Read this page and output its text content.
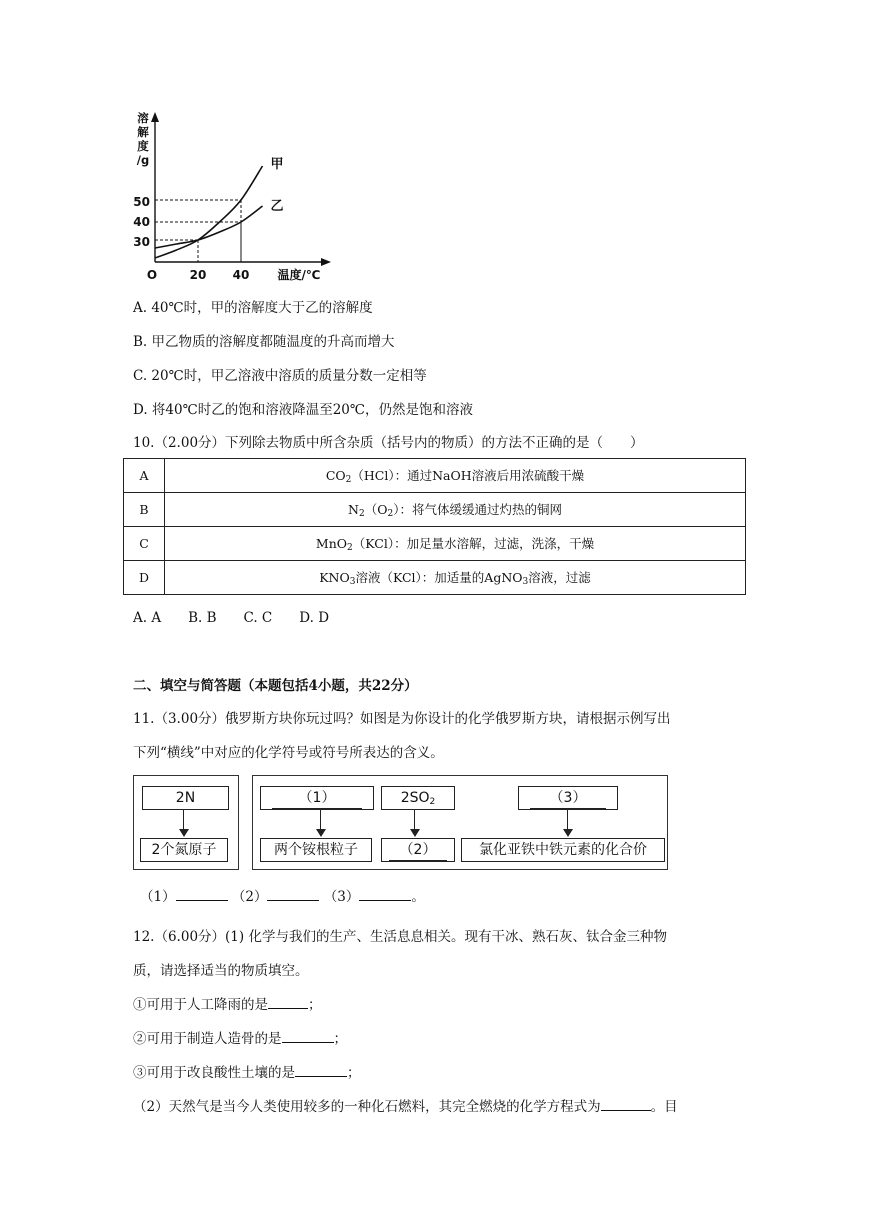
溶
解
度
/g
温度/℃
O	20 40
30
40
50
甲
乙
A. 40℃时，甲的溶解度大于乙的溶解度
B. 甲乙物质的溶解度都随温度的升高而增大
C. 20℃时，甲乙溶液中溶质的质量分数一定相等
D. 将40℃时乙的饱和溶液降温至20℃，仍然是饱和溶液
10.（2.00分）下列除去物质中所含杂质（括号内的物质）的方法不正确的是（　　）
A	$CO_2(HCl)$：通过NaOH溶液后用浓硫酸干燥
B	$N_2(O_2)$：将气体缓缓通过灼热的铜网
C	MnO$_2$（KCl）：加足量水溶解，过滤，洗涤，干燥
D	$KNO_3$溶液（KCl）：加适量的AgNO$_3$溶液，过滤
A. A　　B. B　　C. C　　D. D
二、填空与简答题（本题包括4小题，共22分）
11.（3.00分）俄罗斯方块你玩过吗？如图是为你设计的化学俄罗斯方块，请根据示例写出
下列“横线”中对应的化学符号或符号所表达的含义。
2N
2个氮原子
（1）
两个铵根粒子
$2SO_2$
（2）
（3）
氯化亚铁中铁元素的化合价
（1）	（2）	（3）	。
12.（6.00分）(1) 化学与我们的生产、生活息息相关。现有干冰、熟石灰、钛合金三种物
质，请选择适当的物质填空。
①可用于人工降雨的是	；
②可用于制造人造骨的是	；
③可用于改良酸性土壤的是	；
（2）天然气是当今人类使用较多的一种化石燃料，其完全燃烧的化学方程式为	。目
